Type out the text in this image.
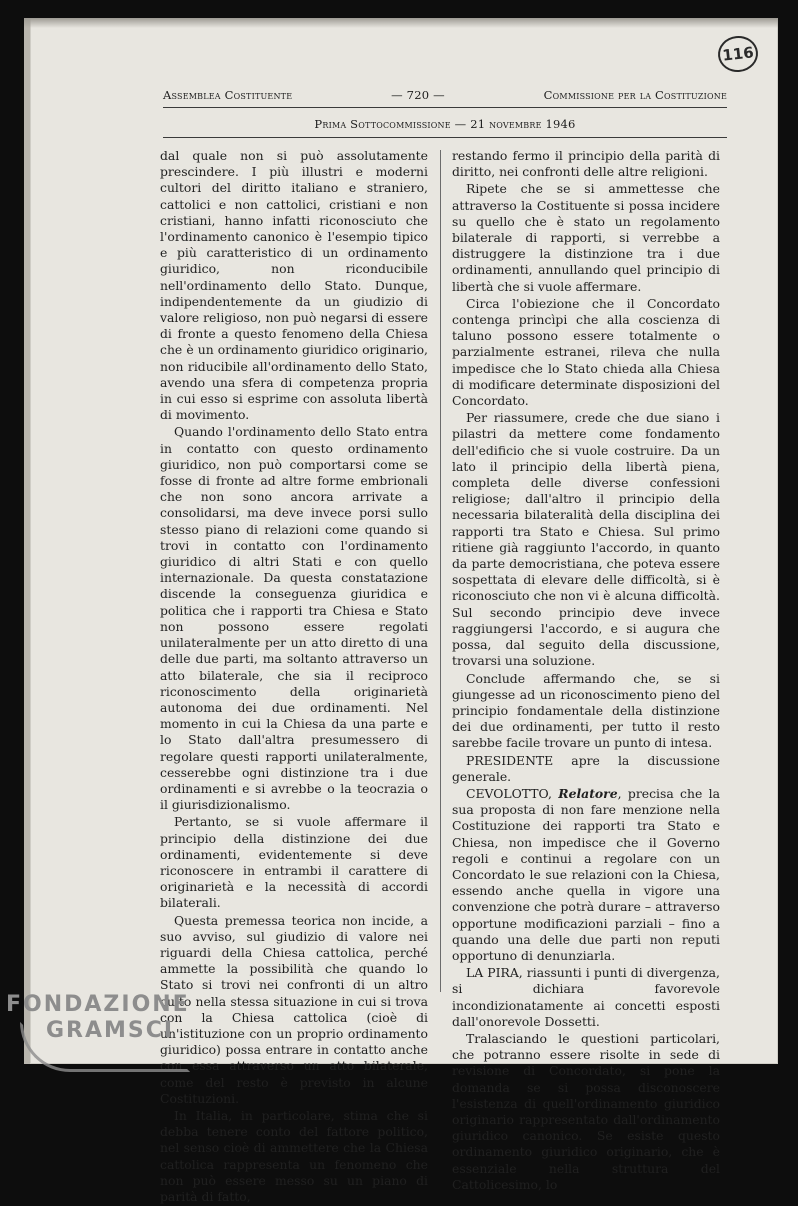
116
Assemblea Costituente	— 720 —	Commissione per la Costituzione
Prima Sottocommissione — 21 novembre 1946

dal quale non si può assolutamente prescindere. I più illustri e moderni cultori del diritto italiano e straniero, cattolici e non cattolici, cristiani e non cristiani, hanno infatti riconosciuto che l'ordinamento canonico è l'esempio tipico e più caratteristico di un ordinamento giuridico, non riconducibile nell'ordinamento dello Stato. Dunque, indipendentemente da un giudizio di valore religioso, non può negarsi di essere di fronte a questo fenomeno della Chiesa che è un ordinamento giuridico originario, non riducibile all'ordinamento dello Stato, avendo una sfera di competenza propria in cui esso si esprime con assoluta libertà di movimento.

Quando l'ordinamento dello Stato entra in contatto con questo ordinamento giuridico, non può comportarsi come se fosse di fronte ad altre forme embrionali che non sono ancora arrivate a consolidarsi, ma deve invece porsi sullo stesso piano di relazioni come quando si trovi in contatto con l'ordinamento giuridico di altri Stati e con quello internazionale. Da questa constatazione discende la conseguenza giuridica e politica che i rapporti tra Chiesa e Stato non possono essere regolati unilateralmente per un atto diretto di una delle due parti, ma soltanto attraverso un atto bilaterale, che sia il reciproco riconoscimento della originarietà autonoma dei due ordinamenti. Nel momento in cui la Chiesa da una parte e lo Stato dall'altra presumessero di regolare questi rapporti unilateralmente, cesserebbe ogni distinzione tra i due ordinamenti e si avrebbe o la teocrazia o il giurisdizionalismo.

Pertanto, se si vuole affermare il principio della distinzione dei due ordinamenti, evidentemente si deve riconoscere in entrambi il carattere di originarietà e la necessità di accordi bilaterali.

Questa premessa teorica non incide, a suo avviso, sul giudizio di valore nei riguardi della Chiesa cattolica, perché ammette la possibilità che quando lo Stato si trovi nei confronti di un altro culto nella stessa situazione in cui si trova con la Chiesa cattolica (cioè di un'istituzione con un proprio ordinamento giuridico) possa entrare in contatto anche con essa attraverso un atto bilaterale, come del resto è previsto in alcune Costituzioni.

In Italia, in particolare, stima che si debba tenere conto del fattore politico, nel senso cioè di ammettere che la Chiesa cattolica rappresenta un fenomeno che non può essere messo su un piano di parità di fatto,

restando fermo il principio della parità di diritto, nei confronti delle altre religioni.

Ripete che se si ammettesse che attraverso la Costituente si possa incidere su quello che è stato un regolamento bilaterale di rapporti, si verrebbe a distruggere la distinzione tra i due ordinamenti, annullando quel principio di libertà che si vuole affermare.

Circa l'obiezione che il Concordato contenga princìpi che alla coscienza di taluno possono essere totalmente o parzialmente estranei, rileva che nulla impedisce che lo Stato chieda alla Chiesa di modificare determinate disposizioni del Concordato.

Per riassumere, crede che due siano i pilastri da mettere come fondamento dell'edificio che si vuole costruire. Da un lato il principio della libertà piena, completa delle diverse confessioni religiose; dall'altro il principio della necessaria bilateralità della disciplina dei rapporti tra Stato e Chiesa. Sul primo ritiene già raggiunto l'accordo, in quanto da parte democristiana, che poteva essere sospettata di elevare delle difficoltà, si è riconosciuto che non vi è alcuna difficoltà. Sul secondo principio deve invece raggiungersi l'accordo, e si augura che possa, dal seguito della discussione, trovarsi una soluzione.

Conclude affermando che, se si giungesse ad un riconoscimento pieno del principio fondamentale della distinzione dei due ordinamenti, per tutto il resto sarebbe facile trovare un punto di intesa.

PRESIDENTE apre la discussione generale.

CEVOLOTTO, Relatore, precisa che la sua proposta di non fare menzione nella Costituzione dei rapporti tra Stato e Chiesa, non impedisce che il Governo regoli e continui a regolare con un Concordato le sue relazioni con la Chiesa, essendo anche quella in vigore una convenzione che potrà durare – attraverso opportune modificazioni parziali – fino a quando una delle due parti non reputi opportuno di denunziarla.

LA PIRA, riassunti i punti di divergenza, si dichiara favorevole incondizionatamente ai concetti esposti dall'onorevole Dossetti.

Tralasciando le questioni particolari, che potranno essere risolte in sede di revisione di Concordato, si pone la domanda se si possa disconoscere l'esistenza di quell'ordinamento giuridico originario rappresentato dall'ordinamento giuridico canonico. Se esiste questo ordinamento giuridico originario, che è essenziale nella struttura del Cattolicesimo, lo

FONDAZIONE
GRAMSCI
